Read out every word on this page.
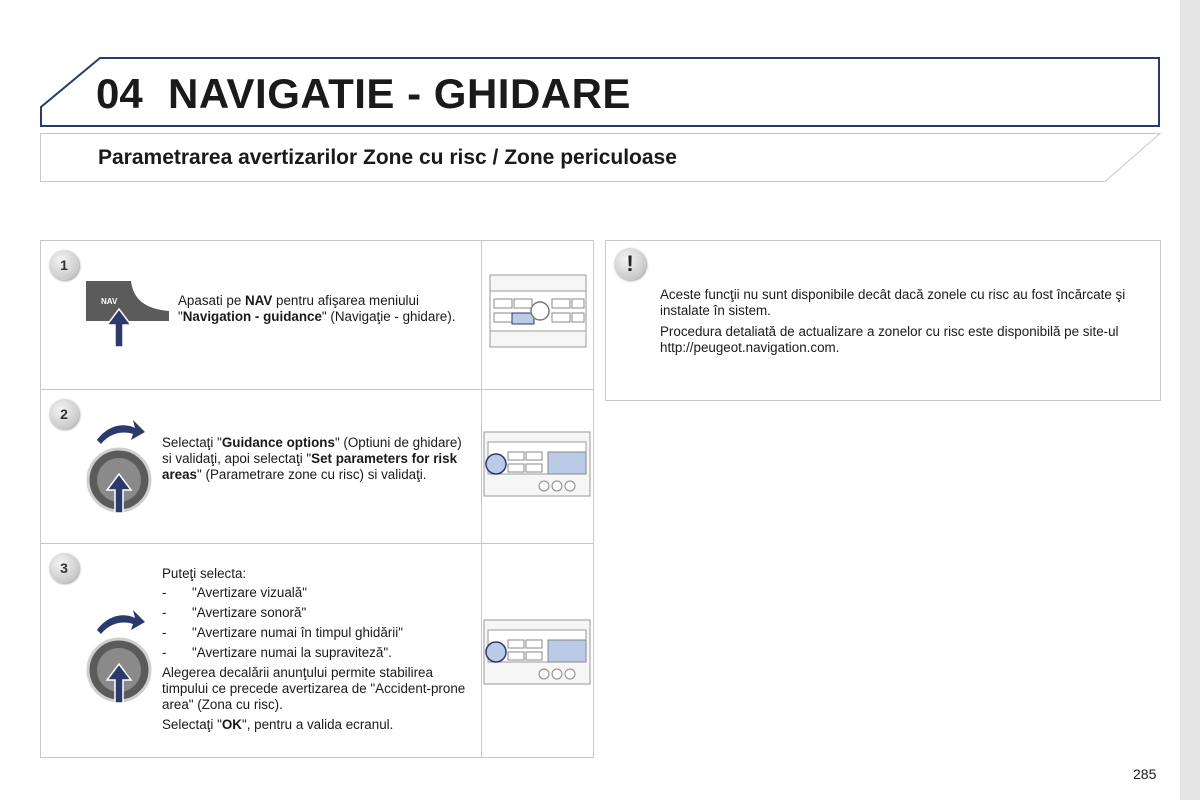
04 NAVIGATIE - GHIDARE
Parametrarea avertizarilor Zone cu risc / Zone periculoase
1
NAV	Apasati pe NAV pentru afişarea meniului "Navigation - guidance" (Navigaţie - ghidare).
2
Selectaţi "Guidance options" (Optiuni de ghidare) si validaţi, apoi selectaţi "Set parameters for risk areas" (Parametrare zone cu risc) si validaţi.
3	Puteţi selecta:
- "Avertizare vizuală"
- "Avertizare sonoră"
- "Avertizare numai în timpul ghidării"
- "Avertizare numai la supraviteză".
Alegerea decalării anunţului permite stabilirea timpului ce precede avertizarea de "Accident-prone area" (Zona cu risc).
Selectaţi "OK", pentru a valida ecranul.
!

Aceste funcţii nu sunt disponibile decât dacă zonele cu risc au fost încărcate şi instalate în sistem.

Procedura detaliată de actualizare a zonelor cu risc este disponibilă pe site-ul http://peugeot.navigation.com.

285
